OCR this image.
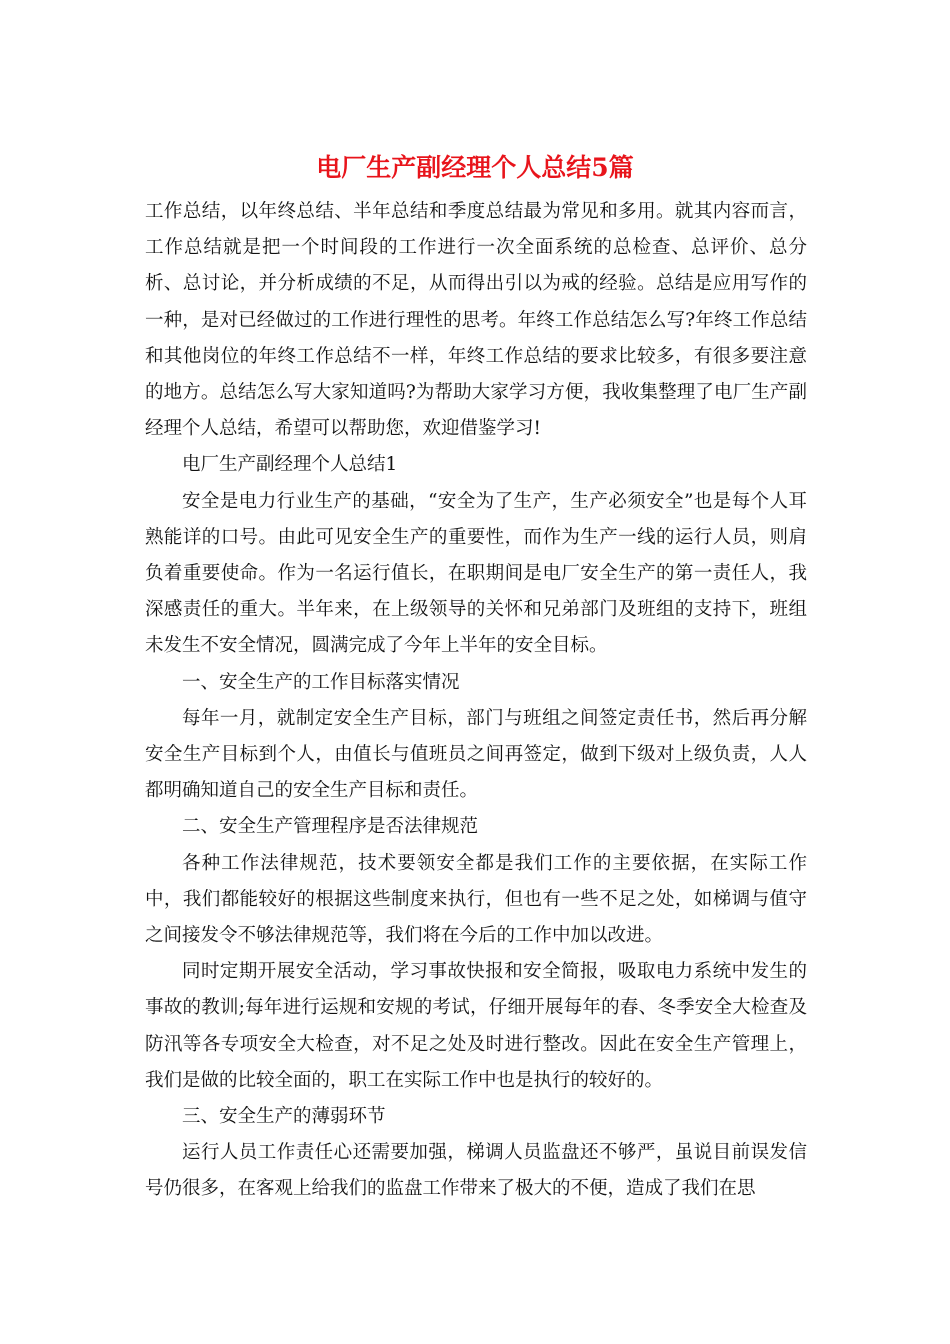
电厂生产副经理个人总结5篇

工作总结，以年终总结、半年总结和季度总结最为常见和多用。就其内容而言，工作总结就是把一个时间段的工作进行一次全面系统的总检查、总评价、总分析、总讨论，并分析成绩的不足，从而得出引以为戒的经验。总结是应用写作的一种，是对已经做过的工作进行理性的思考。年终工作总结怎么写?年终工作总结和其他岗位的年终工作总结不一样，年终工作总结的要求比较多，有很多要注意的地方。总结怎么写大家知道吗?为帮助大家学习方便，我收集整理了电厂生产副经理个人总结，希望可以帮助您，欢迎借鉴学习!

电厂生产副经理个人总结1

安全是电力行业生产的基础，“安全为了生产，生产必须安全”也是每个人耳熟能详的口号。由此可见安全生产的重要性，而作为生产一线的运行人员，则肩负着重要使命。作为一名运行值长，在职期间是电厂安全生产的第一责任人，我深感责任的重大。半年来，在上级领导的关怀和兄弟部门及班组的支持下，班组未发生不安全情况，圆满完成了今年上半年的安全目标。

一、安全生产的工作目标落实情况

每年一月，就制定安全生产目标，部门与班组之间签定责任书，然后再分解安全生产目标到个人，由值长与值班员之间再签定，做到下级对上级负责，人人都明确知道自己的安全生产目标和责任。

二、安全生产管理程序是否法律规范

各种工作法律规范，技术要领安全都是我们工作的主要依据，在实际工作中，我们都能较好的根据这些制度来执行，但也有一些不足之处，如梯调与值守之间接发令不够法律规范等，我们将在今后的工作中加以改进。

同时定期开展安全活动，学习事故快报和安全简报，吸取电力系统中发生的事故的教训;每年进行运规和安规的考试，仔细开展每年的春、冬季安全大检查及防汛等各专项安全大检查，对不足之处及时进行整改。因此在安全生产管理上，我们是做的比较全面的，职工在实际工作中也是执行的较好的。

三、安全生产的薄弱环节

运行人员工作责任心还需要加强，梯调人员监盘还不够严，虽说目前误发信号仍很多，在客观上给我们的监盘工作带来了极大的不便，造成了我们在思
